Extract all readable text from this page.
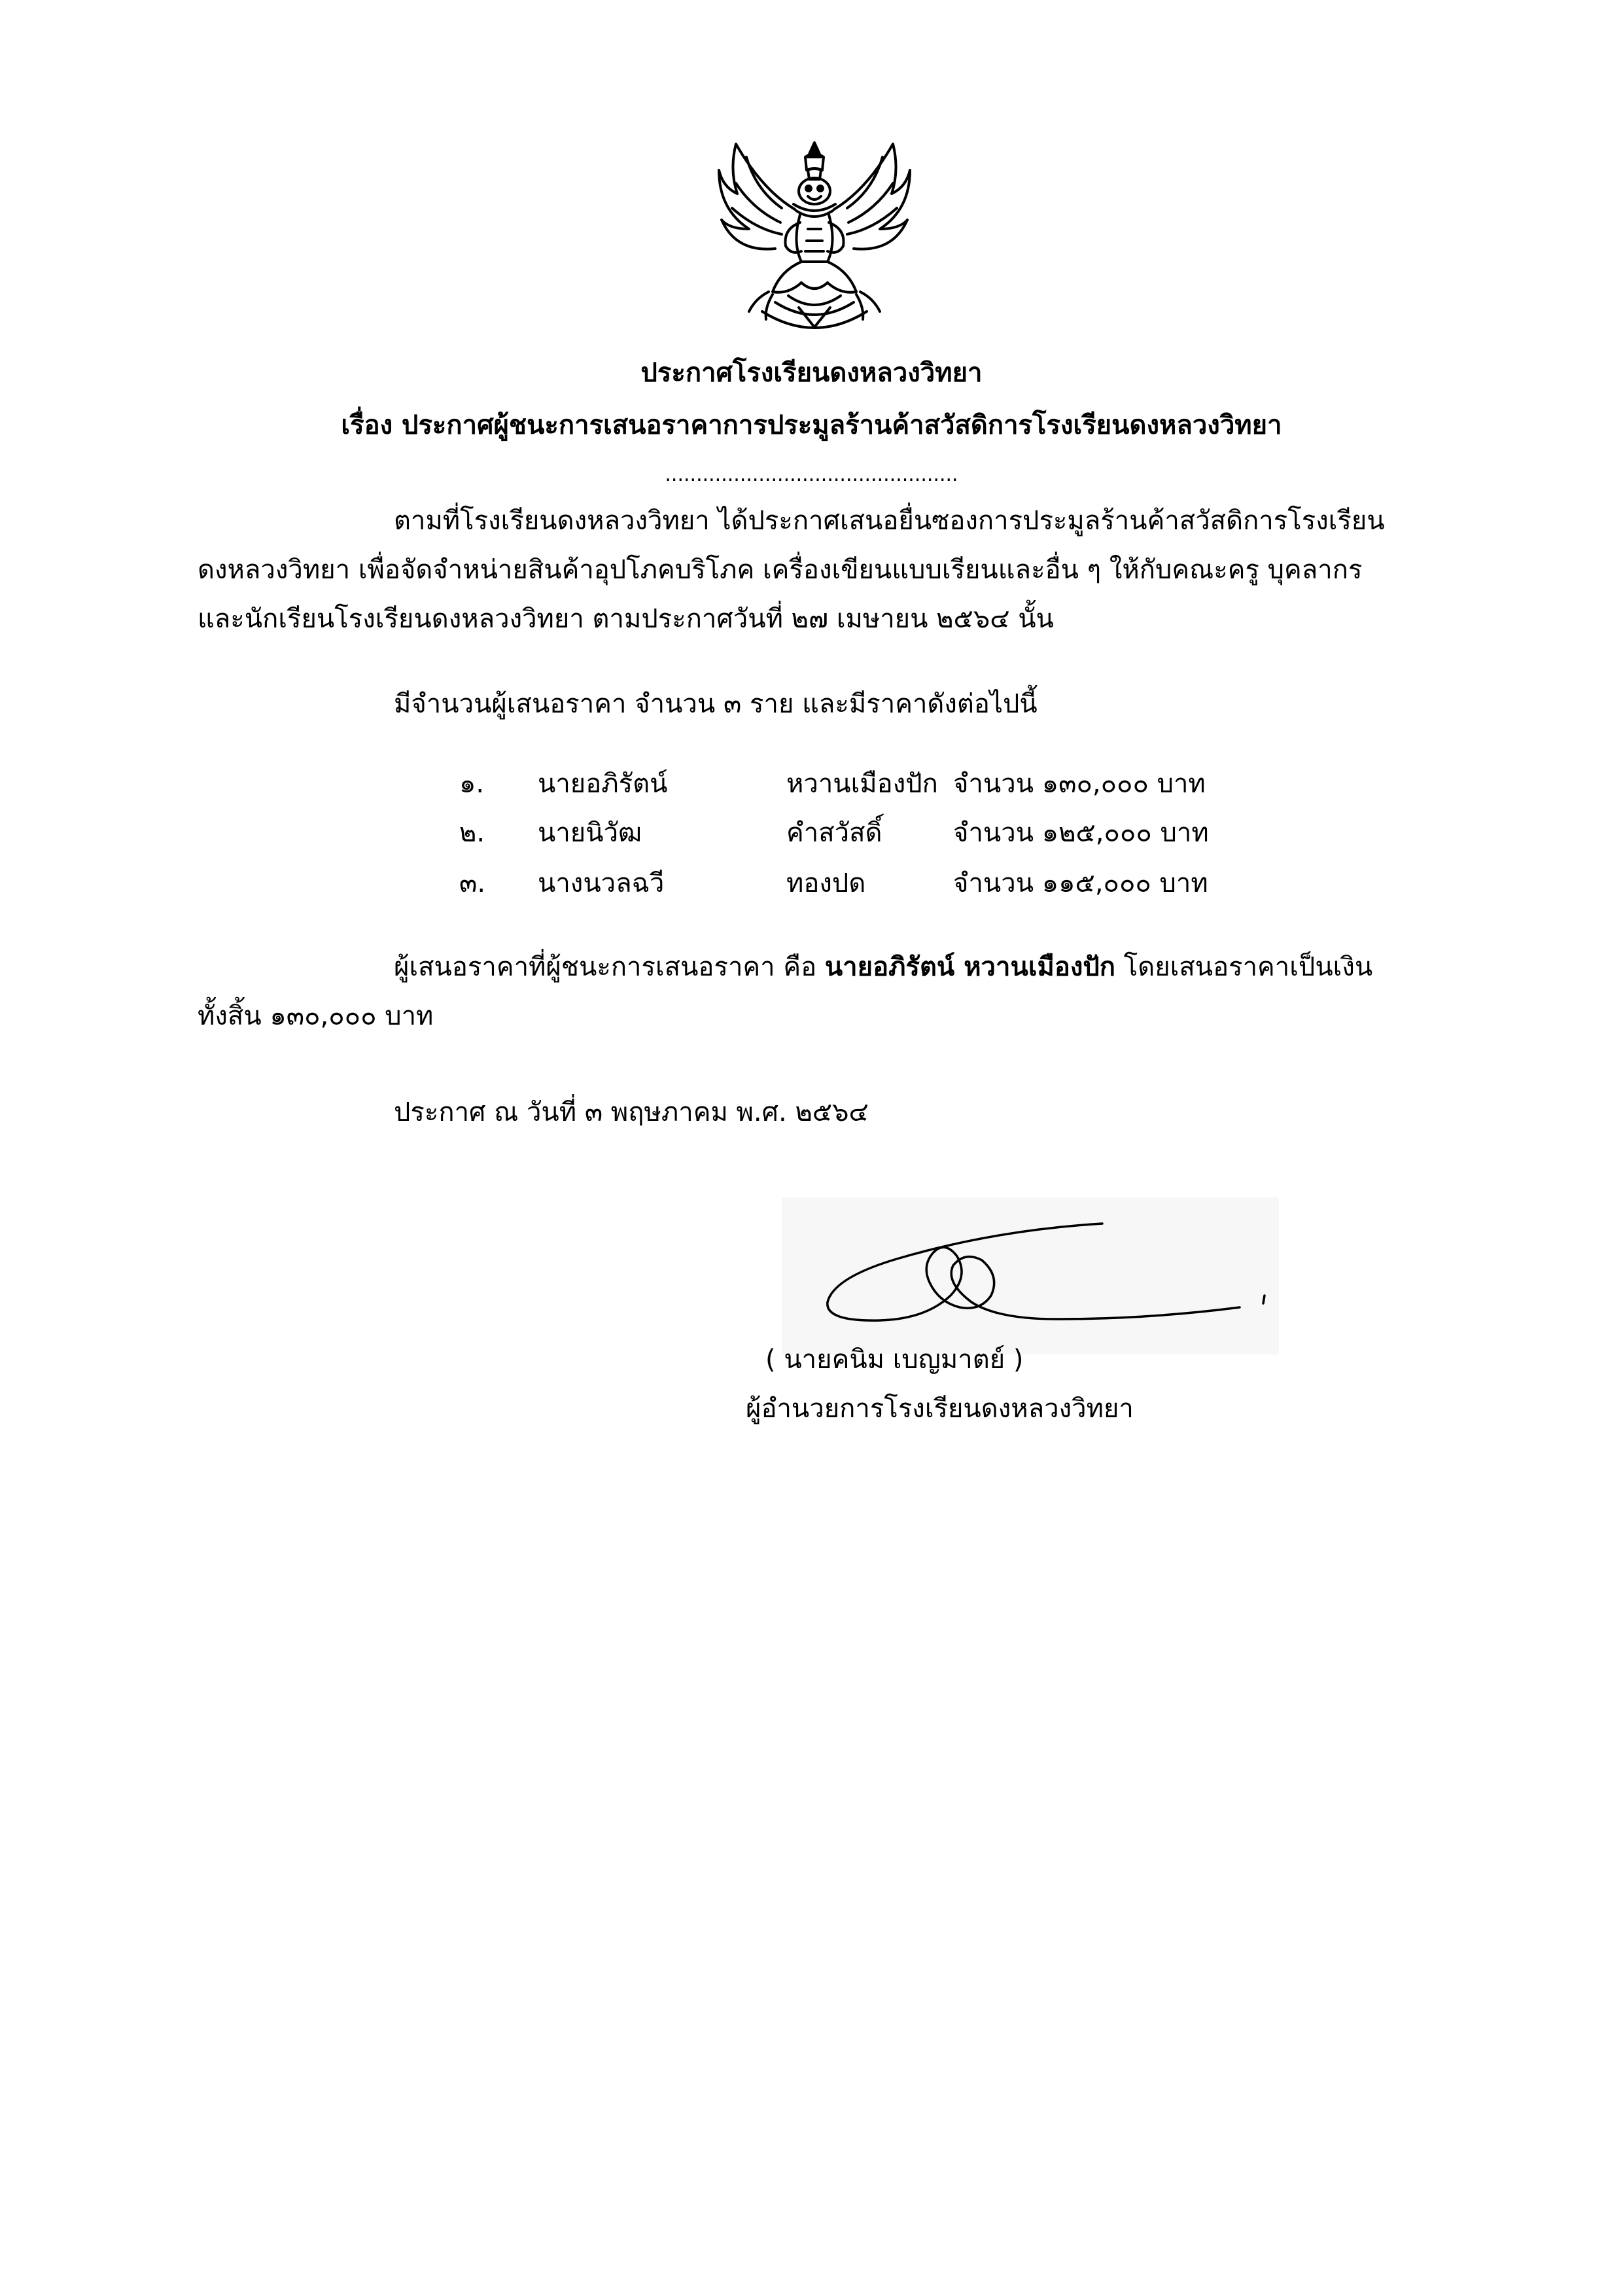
ประกาศโรงเรียนดงหลวงวิทยา
เรื่อง ประกาศผู้ชนะการเสนอราคาการประมูลร้านค้าสวัสดิการโรงเรียนดงหลวงวิทยา
...............................................
ตามที่โรงเรียนดงหลวงวิทยา ได้ประกาศเสนอยื่นซองการประมูลร้านค้าสวัสดิการโรงเรียน
ดงหลวงวิทยา เพื่อจัดจำหน่ายสินค้าอุปโภคบริโภค เครื่องเขียนแบบเรียนและอื่น ๆ ให้กับคณะครู บุคลากร
และนักเรียนโรงเรียนดงหลวงวิทยา ตามประกาศวันที่ ๒๗ เมษายน ๒๕๖๔ นั้น
มีจำนวนผู้เสนอราคา จำนวน ๓ ราย และมีราคาดังต่อไปนี้
๑. นายอภิรัตน์	หวานเมืองปัก จำนวน ๑๓๐,๐๐๐ บาท
๒. นายนิวัฒ	คำสวัสดิ์	จำนวน ๑๒๕,๐๐๐ บาท
๓. นางนวลฉวี	ทองปด	จำนวน ๑๑๕,๐๐๐ บาท
ผู้เสนอราคาที่ผู้ชนะการเสนอราคา คือ นายอภิรัตน์ หวานเมืองปัก โดยเสนอราคาเป็นเงิน
ทั้งสิ้น ๑๓๐,๐๐๐ บาท
ประกาศ ณ วันที่ ๓ พฤษภาคม พ.ศ. ๒๕๖๔
( นายคนิม เบญมาตย์ )
ผู้อำนวยการโรงเรียนดงหลวงวิทยา
